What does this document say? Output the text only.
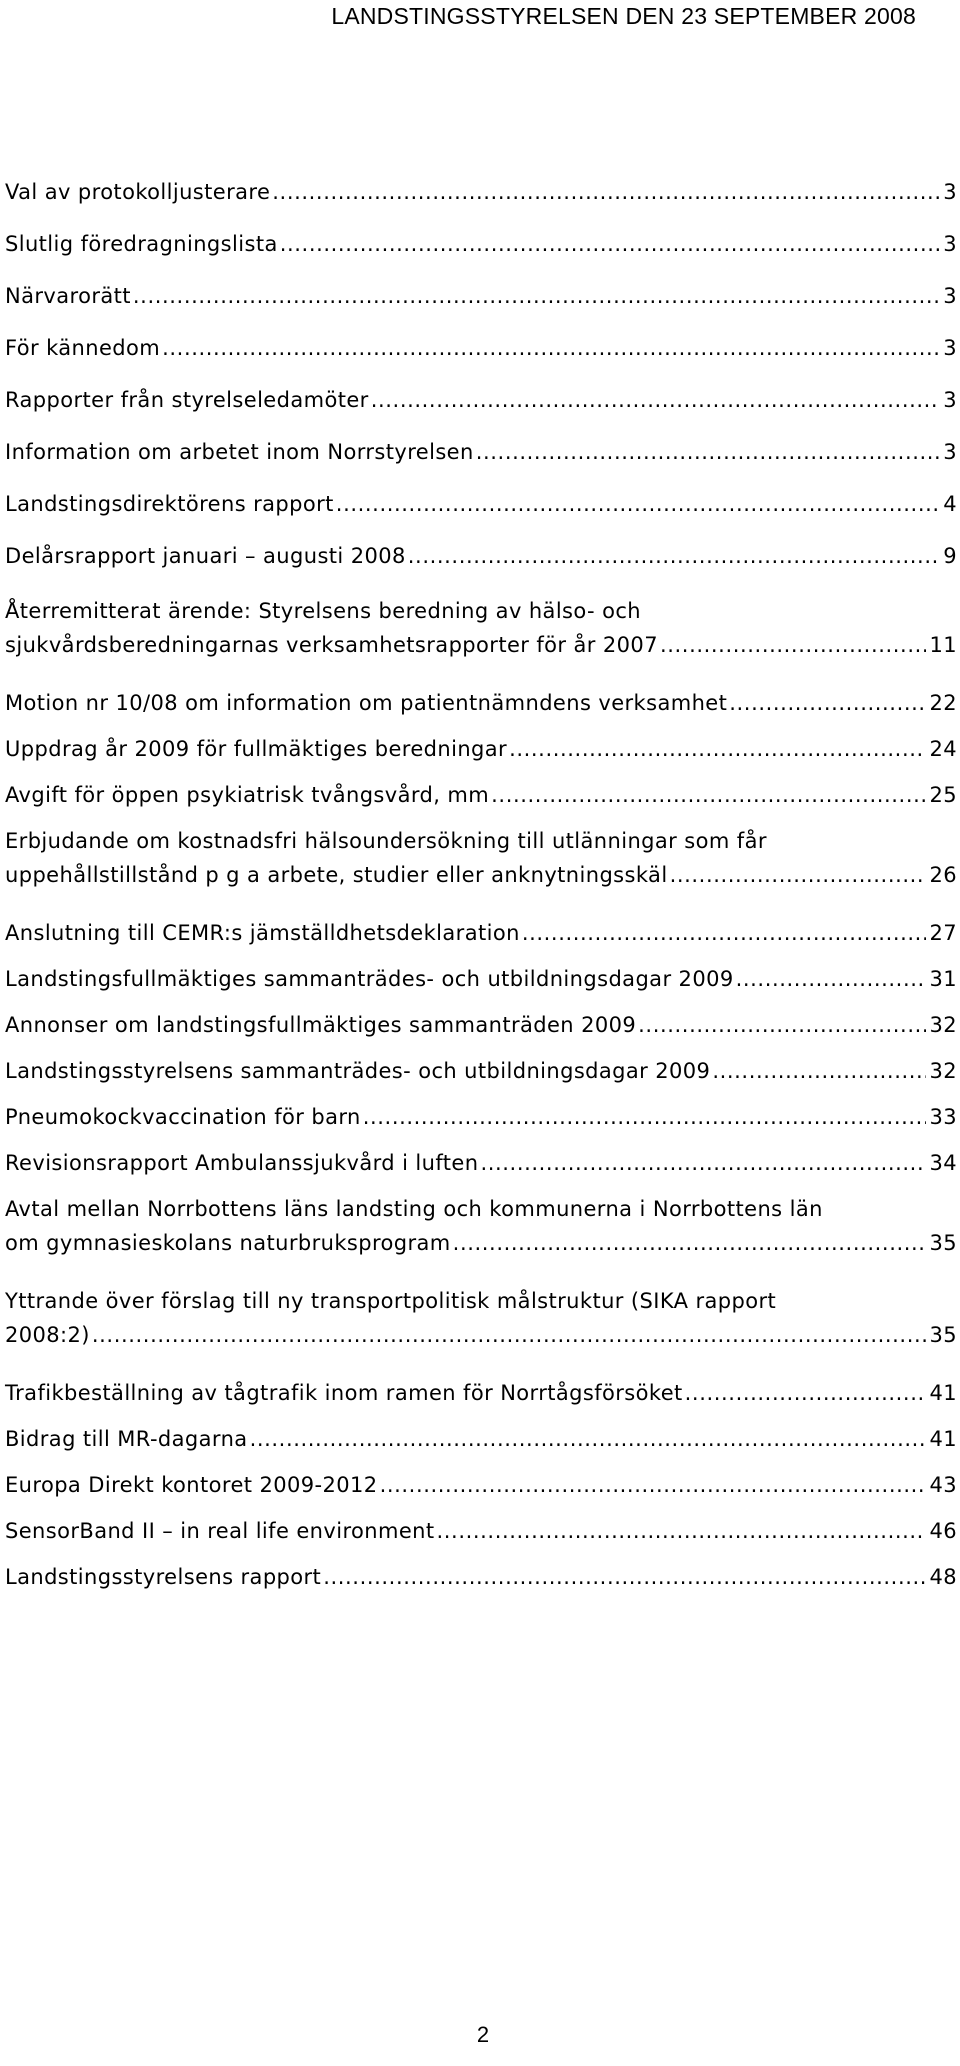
LANDSTINGSSTYRELSEN DEN 23 SEPTEMBER 2008
Val av protokolljusterare .....	3
Slutlig föredragningslista .....	3
Närvarorätt .....	3
För kännedom .....	3
Rapporter från styrelseledamöter .....	3
Information om arbetet inom Norrstyrelsen .....	3
Landstingsdirektörens rapport .....	4
Delårsrapport januari – augusti 2008 .....	9
Återremitterat ärende: Styrelsens beredning av hälso- och
sjukvårdsberedningarnas verksamhetsrapporter för år 2007 .....	11
Motion nr 10/08 om information om patientnämndens verksamhet .....	22
Uppdrag år 2009 för fullmäktiges beredningar .....	24
Avgift för öppen psykiatrisk tvångsvård, mm .....	25
Erbjudande om kostnadsfri hälsoundersökning till utlänningar som får
uppehållstillstånd p g a arbete, studier eller anknytningsskäl .....	26
Anslutning till CEMR:s jämställdhetsdeklaration .....	27
Landstingsfullmäktiges sammanträdes- och utbildningsdagar 2009 .....	31
Annonser om landstingsfullmäktiges sammanträden 2009 .....	32
Landstingsstyrelsens sammanträdes- och utbildningsdagar 2009 .....	32
Pneumokockvaccination för barn .....	33
Revisionsrapport Ambulanssjukvård i luften .....	34
Avtal mellan Norrbottens läns landsting och kommunerna i Norrbottens län
om gymnasieskolans naturbruksprogram .....	35
Yttrande över förslag till ny transportpolitisk målstruktur (SIKA rapport
2008:2) .....	35
Trafikbeställning av tågtrafik inom ramen för Norrtågsförsöket .....	41
Bidrag till MR-dagarna .....	41
Europa Direkt kontoret 2009-2012 .....	43
SensorBand II – in real life environment .....	46
Landstingsstyrelsens rapport .....	48
2
